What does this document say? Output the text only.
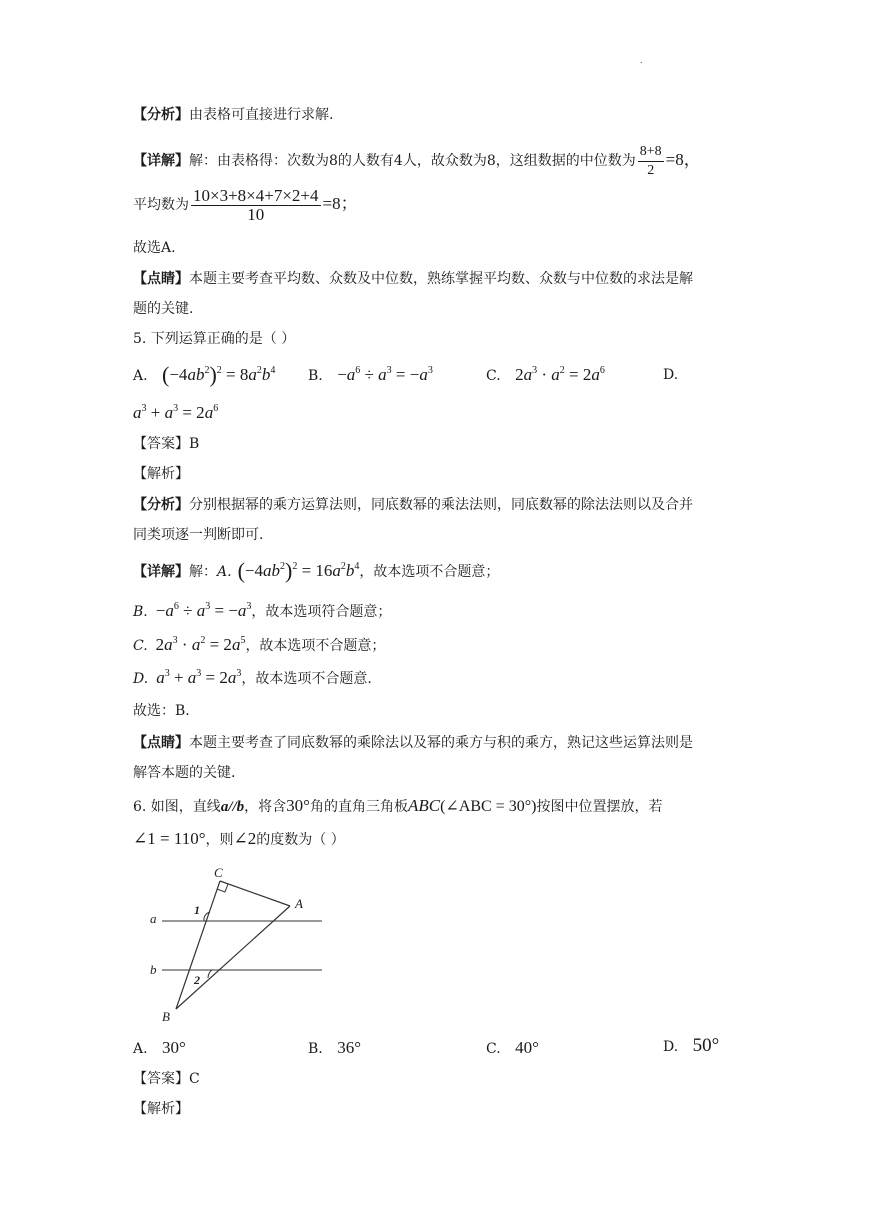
.
【分析】由表格可直接进行求解.
【详解】解：由表格得：次数为8的人数有4人，故众数为8，这组数据的中位数为 $\frac{8+8}{2} =8$，
平均数为 $\frac{10\times 3+8\times 4+7\times 2+4}{10} =8$；
故选A.
【点睛】本题主要考查平均数、众数及中位数，熟练掌握平均数、众数与中位数的求法是解
题的关键.
5. 下列运算正确的是（ ）
A. $(-4ab^2)^2 = 8a^2b^4$ B. $-a^6 \div a^3 = -a^3$	C. $2a^3 \cdot a^2 = 2a^6$	D.
$a^3 + a^3 = 2a^6$
【答案】B
【解析】
【分析】分别根据幂的乘方运算法则，同底数幂的乘法法则，同底数幂的除法法则以及合并
同类项逐一判断即可.
【详解】解：A. $(-4ab^2)^2 = 16a^2b^4$，故本选项不合题意；
B. $-a^6 \div a^3 = -a^3$，故本选项符合题意；
C. $2a^3 \cdot a^2 = 2a^5$，故本选项不合题意；
D. $a^3 + a^3 = 2a^3$，故本选项不合题意.
故选：B.
【点睛】本题主要考查了同底数幂的乘除法以及幂的乘方与积的乘方，熟记这些运算法则是
解答本题的关键.
6. 如图，直线a//b，将含30°角的直角三角板ABC(∠ABC = 30°)按图中位置摆放，若
∠1 = 110°，则∠2的度数为（ ）
C
A
B
a
b
1
2
A. 30°	B. 36°	C. 40°	D. 50°
【答案】C
【解析】
